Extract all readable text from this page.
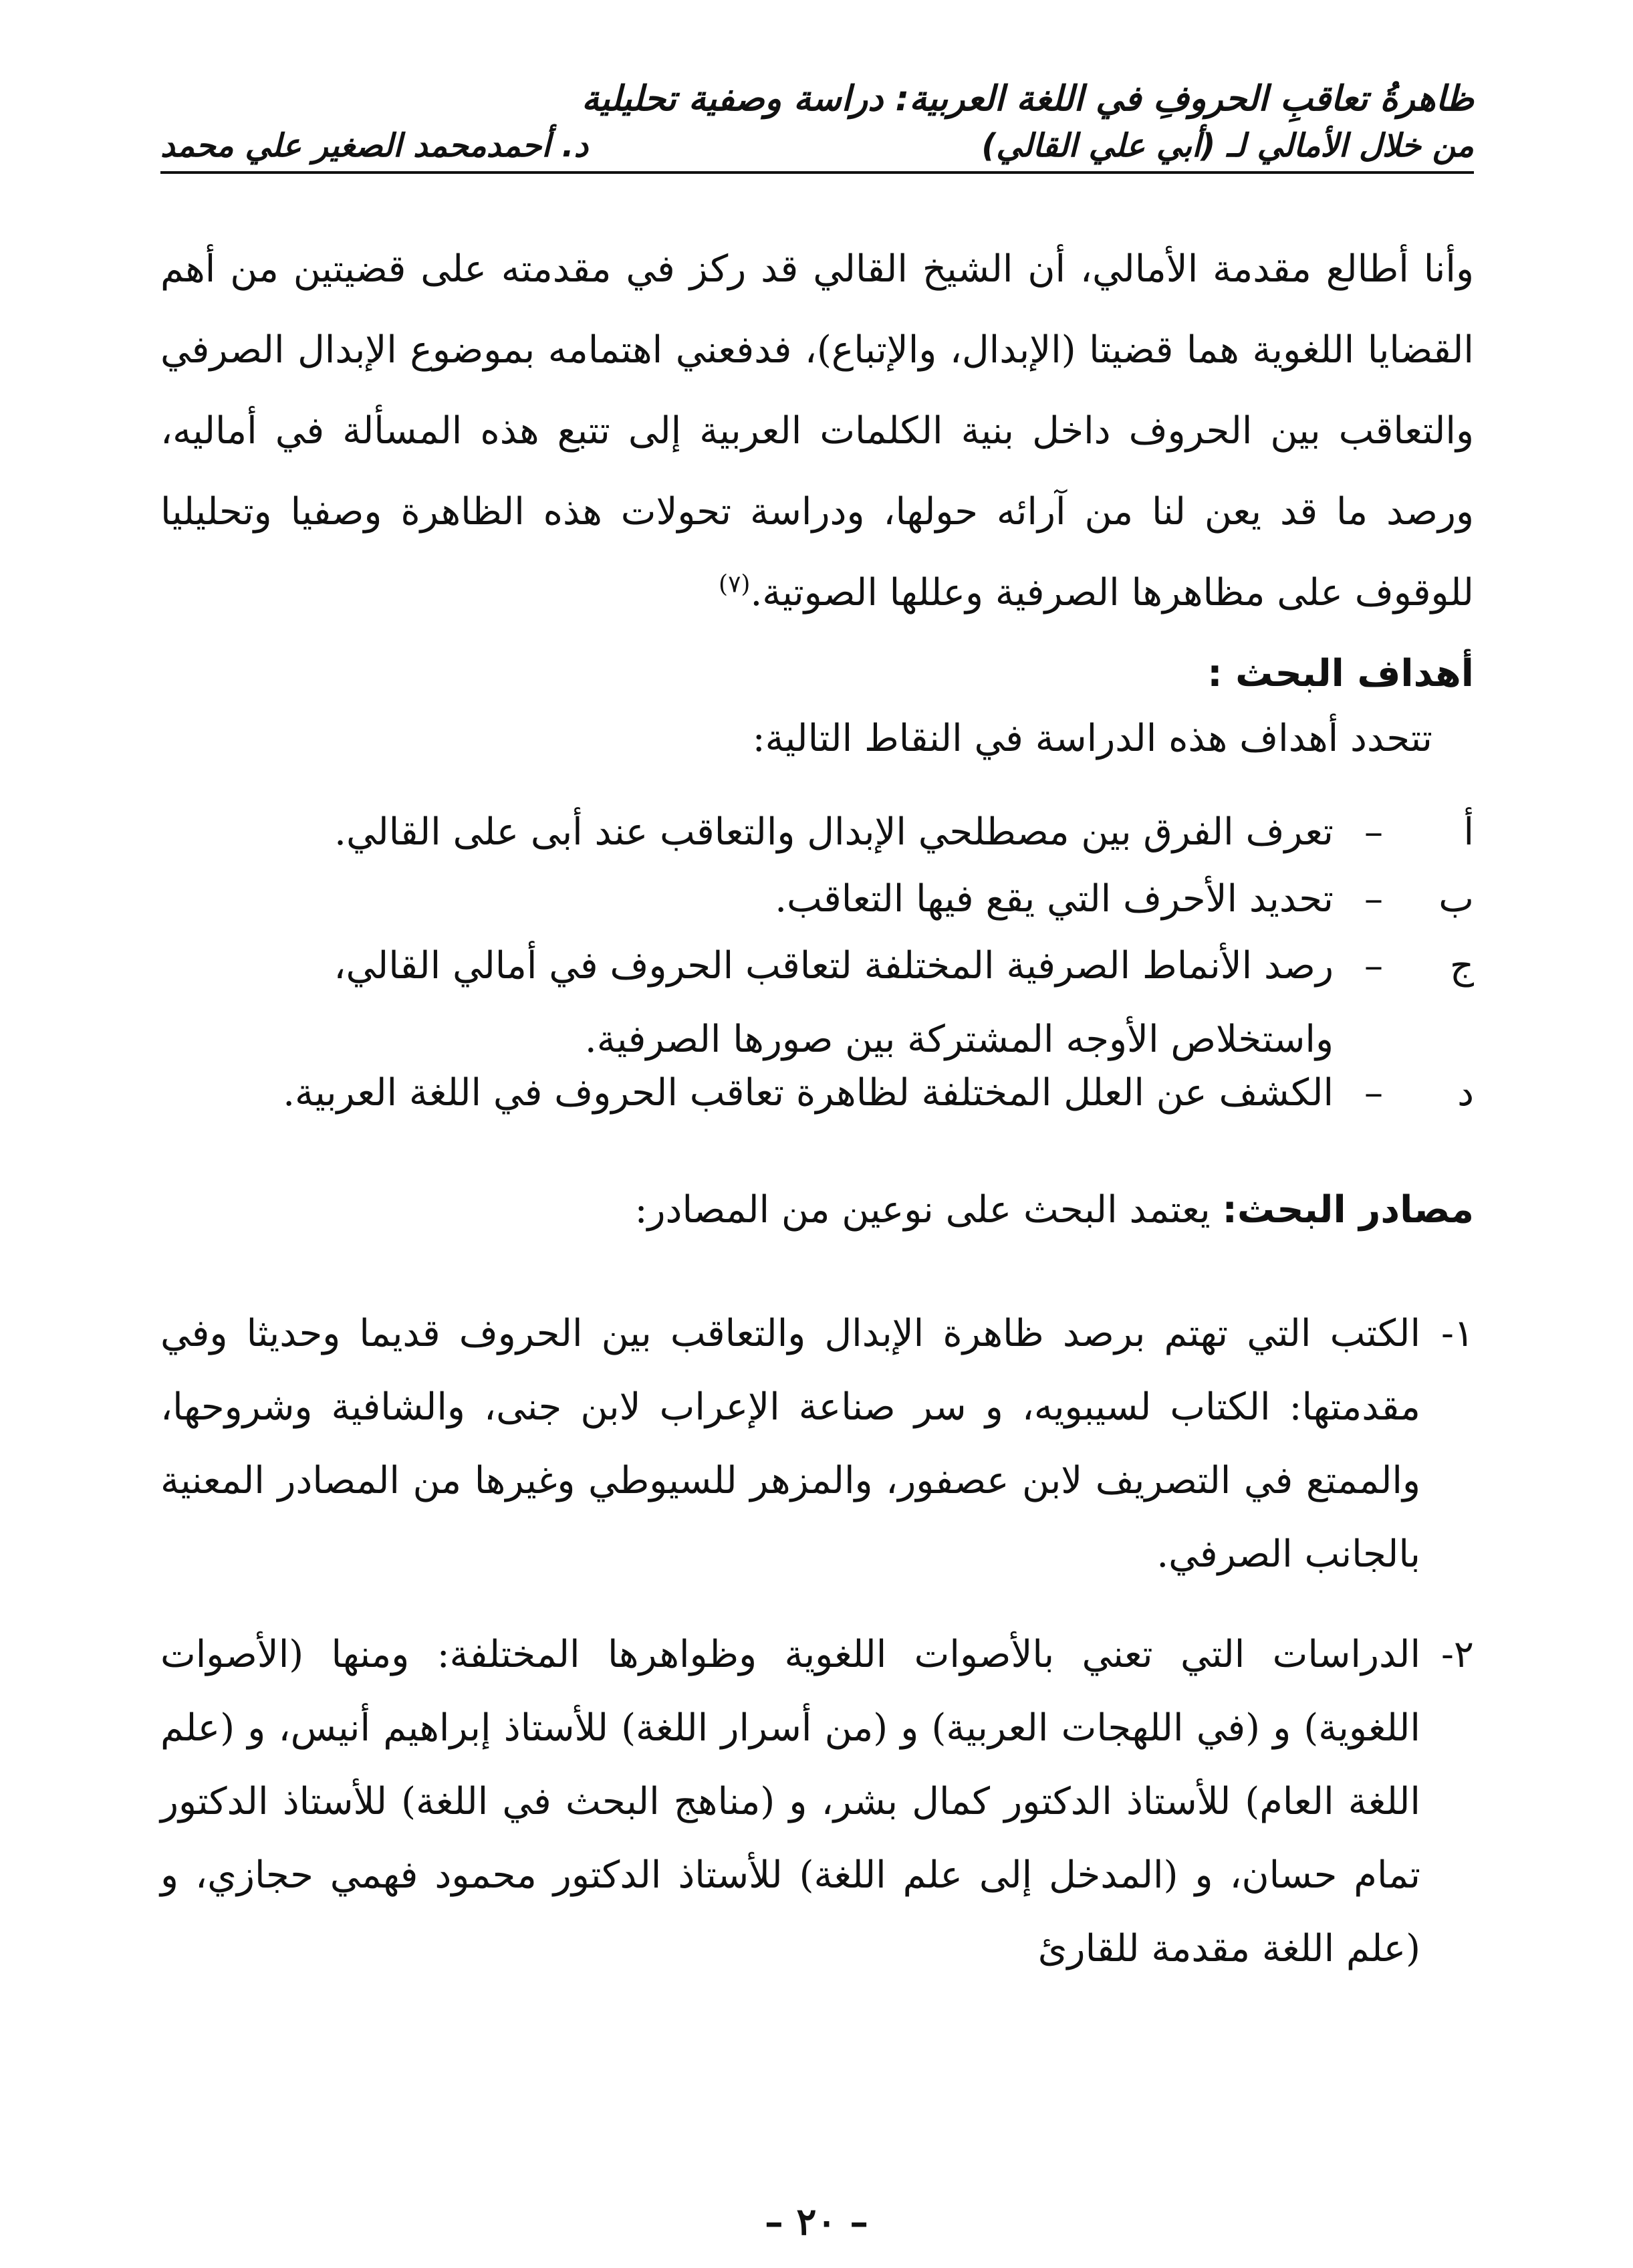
ظاهرةُ تعاقبِ الحروفِ في اللغة العربية: دراسة وصفية تحليلية
من خلال الأمالي لـ (أبي علي القالي)
د. أحمدمحمد الصغير علي محمد
وأنا أطالع مقدمة الأمالي، أن الشيخ القالي قد ركز في مقدمته على قضيتين من أهم القضايا اللغوية هما قضيتا (الإبدال، والإتباع)، فدفعني اهتمامه بموضوع الإبدال الصرفي والتعاقب بين الحروف داخل بنية الكلمات العربية إلى تتبع هذه المسألة في أماليه، ورصد ما قد يعن لنا من آرائه حولها، ودراسة تحولات هذه الظاهرة وصفيا وتحليليا للوقوف على مظاهرها الصرفية وعللها الصوتية.$^{(٧)}$
أهداف البحث :
تتحدد أهداف هذه الدراسة في النقاط التالية:
أ
–
تعرف الفرق بين مصطلحي الإبدال والتعاقب عند أبى على القالي.
ب
–
تحديد الأحرف التي يقع فيها التعاقب.
ج
–
رصد الأنماط الصرفية المختلفة لتعاقب الحروف في أمالي القالي، واستخلاص الأوجه المشتركة بين صورها الصرفية.
د
–
الكشف عن العلل المختلفة لظاهرة تعاقب الحروف في اللغة العربية.
مصادر البحث: يعتمد البحث على نوعين من المصادر:
١-
الكتب التي تهتم برصد ظاهرة الإبدال والتعاقب بين الحروف قديما وحديثا وفي مقدمتها: الكتاب لسيبويه، و سر صناعة الإعراب لابن جنى، والشافية وشروحها، والممتع في التصريف لابن عصفور، والمزهر للسيوطي وغيرها من المصادر المعنية بالجانب الصرفي.
٢-
الدراسات التي تعني بالأصوات اللغوية وظواهرها المختلفة: ومنها (الأصوات اللغوية) و (في اللهجات العربية) و (من أسرار اللغة) للأستاذ إبراهيم أنيس، و (علم اللغة العام) للأستاذ الدكتور كمال بشر، و (مناهج البحث في اللغة) للأستاذ الدكتور تمام حسان، و (المدخل إلى علم اللغة) للأستاذ الدكتور محمود فهمي حجازي، و (علم اللغة مقدمة للقارئ
– ٢٠ –
